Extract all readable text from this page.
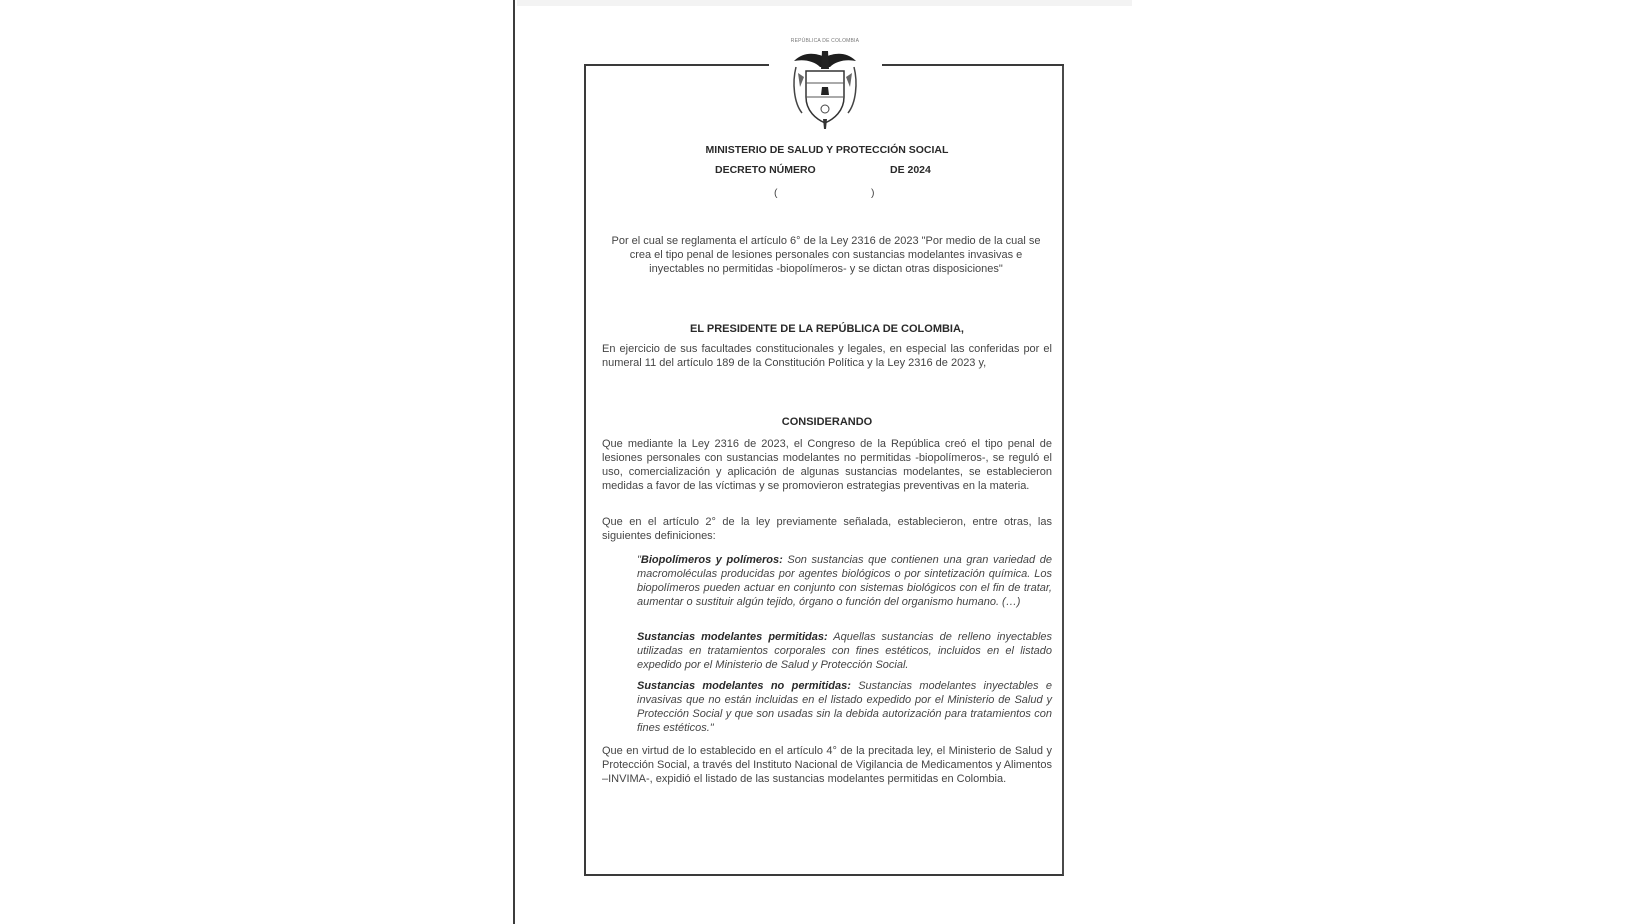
REPÚBLICA DE COLOMBIA
MINISTERIO DE SALUD Y PROTECCIÓN SOCIAL
DECRETO NÚMERO	DE 2024
(	)
Por el cual se reglamenta el artículo 6° de la Ley 2316 de 2023 "Por medio de la cual se crea el tipo penal de lesiones personales con sustancias modelantes invasivas e inyectables no permitidas -biopolímeros- y se dictan otras disposiciones"
EL PRESIDENTE DE LA REPÚBLICA DE COLOMBIA,
En ejercicio de sus facultades constitucionales y legales, en especial las conferidas por el numeral 11 del artículo 189 de la Constitución Política y la Ley 2316 de 2023 y,
CONSIDERANDO
Que mediante la Ley 2316 de 2023, el Congreso de la República creó el tipo penal de lesiones personales con sustancias modelantes no permitidas -biopolímeros-, se reguló el uso, comercialización y aplicación de algunas sustancias modelantes, se establecieron medidas a favor de las víctimas y se promovieron estrategias preventivas en la materia.
Que en el artículo 2° de la ley previamente señalada, establecieron, entre otras, las siguientes definiciones:
"Biopolímeros y polímeros: Son sustancias que contienen una gran variedad de macromoléculas producidas por agentes biológicos o por sintetización química. Los biopolímeros pueden actuar en conjunto con sistemas biológicos con el fin de tratar, aumentar o sustituir algún tejido, órgano o función del organismo humano. (…)
Sustancias modelantes permitidas: Aquellas sustancias de relleno inyectables utilizadas en tratamientos corporales con fines estéticos, incluidos en el listado expedido por el Ministerio de Salud y Protección Social.
Sustancias modelantes no permitidas: Sustancias modelantes inyectables e invasivas que no están incluidas en el listado expedido por el Ministerio de Salud y Protección Social y que son usadas sin la debida autorización para tratamientos con fines estéticos."
Que en virtud de lo establecido en el artículo 4° de la precitada ley, el Ministerio de Salud y Protección Social, a través del Instituto Nacional de Vigilancia de Medicamentos y Alimentos –INVIMA-, expidió el listado de las sustancias modelantes permitidas en Colombia.
